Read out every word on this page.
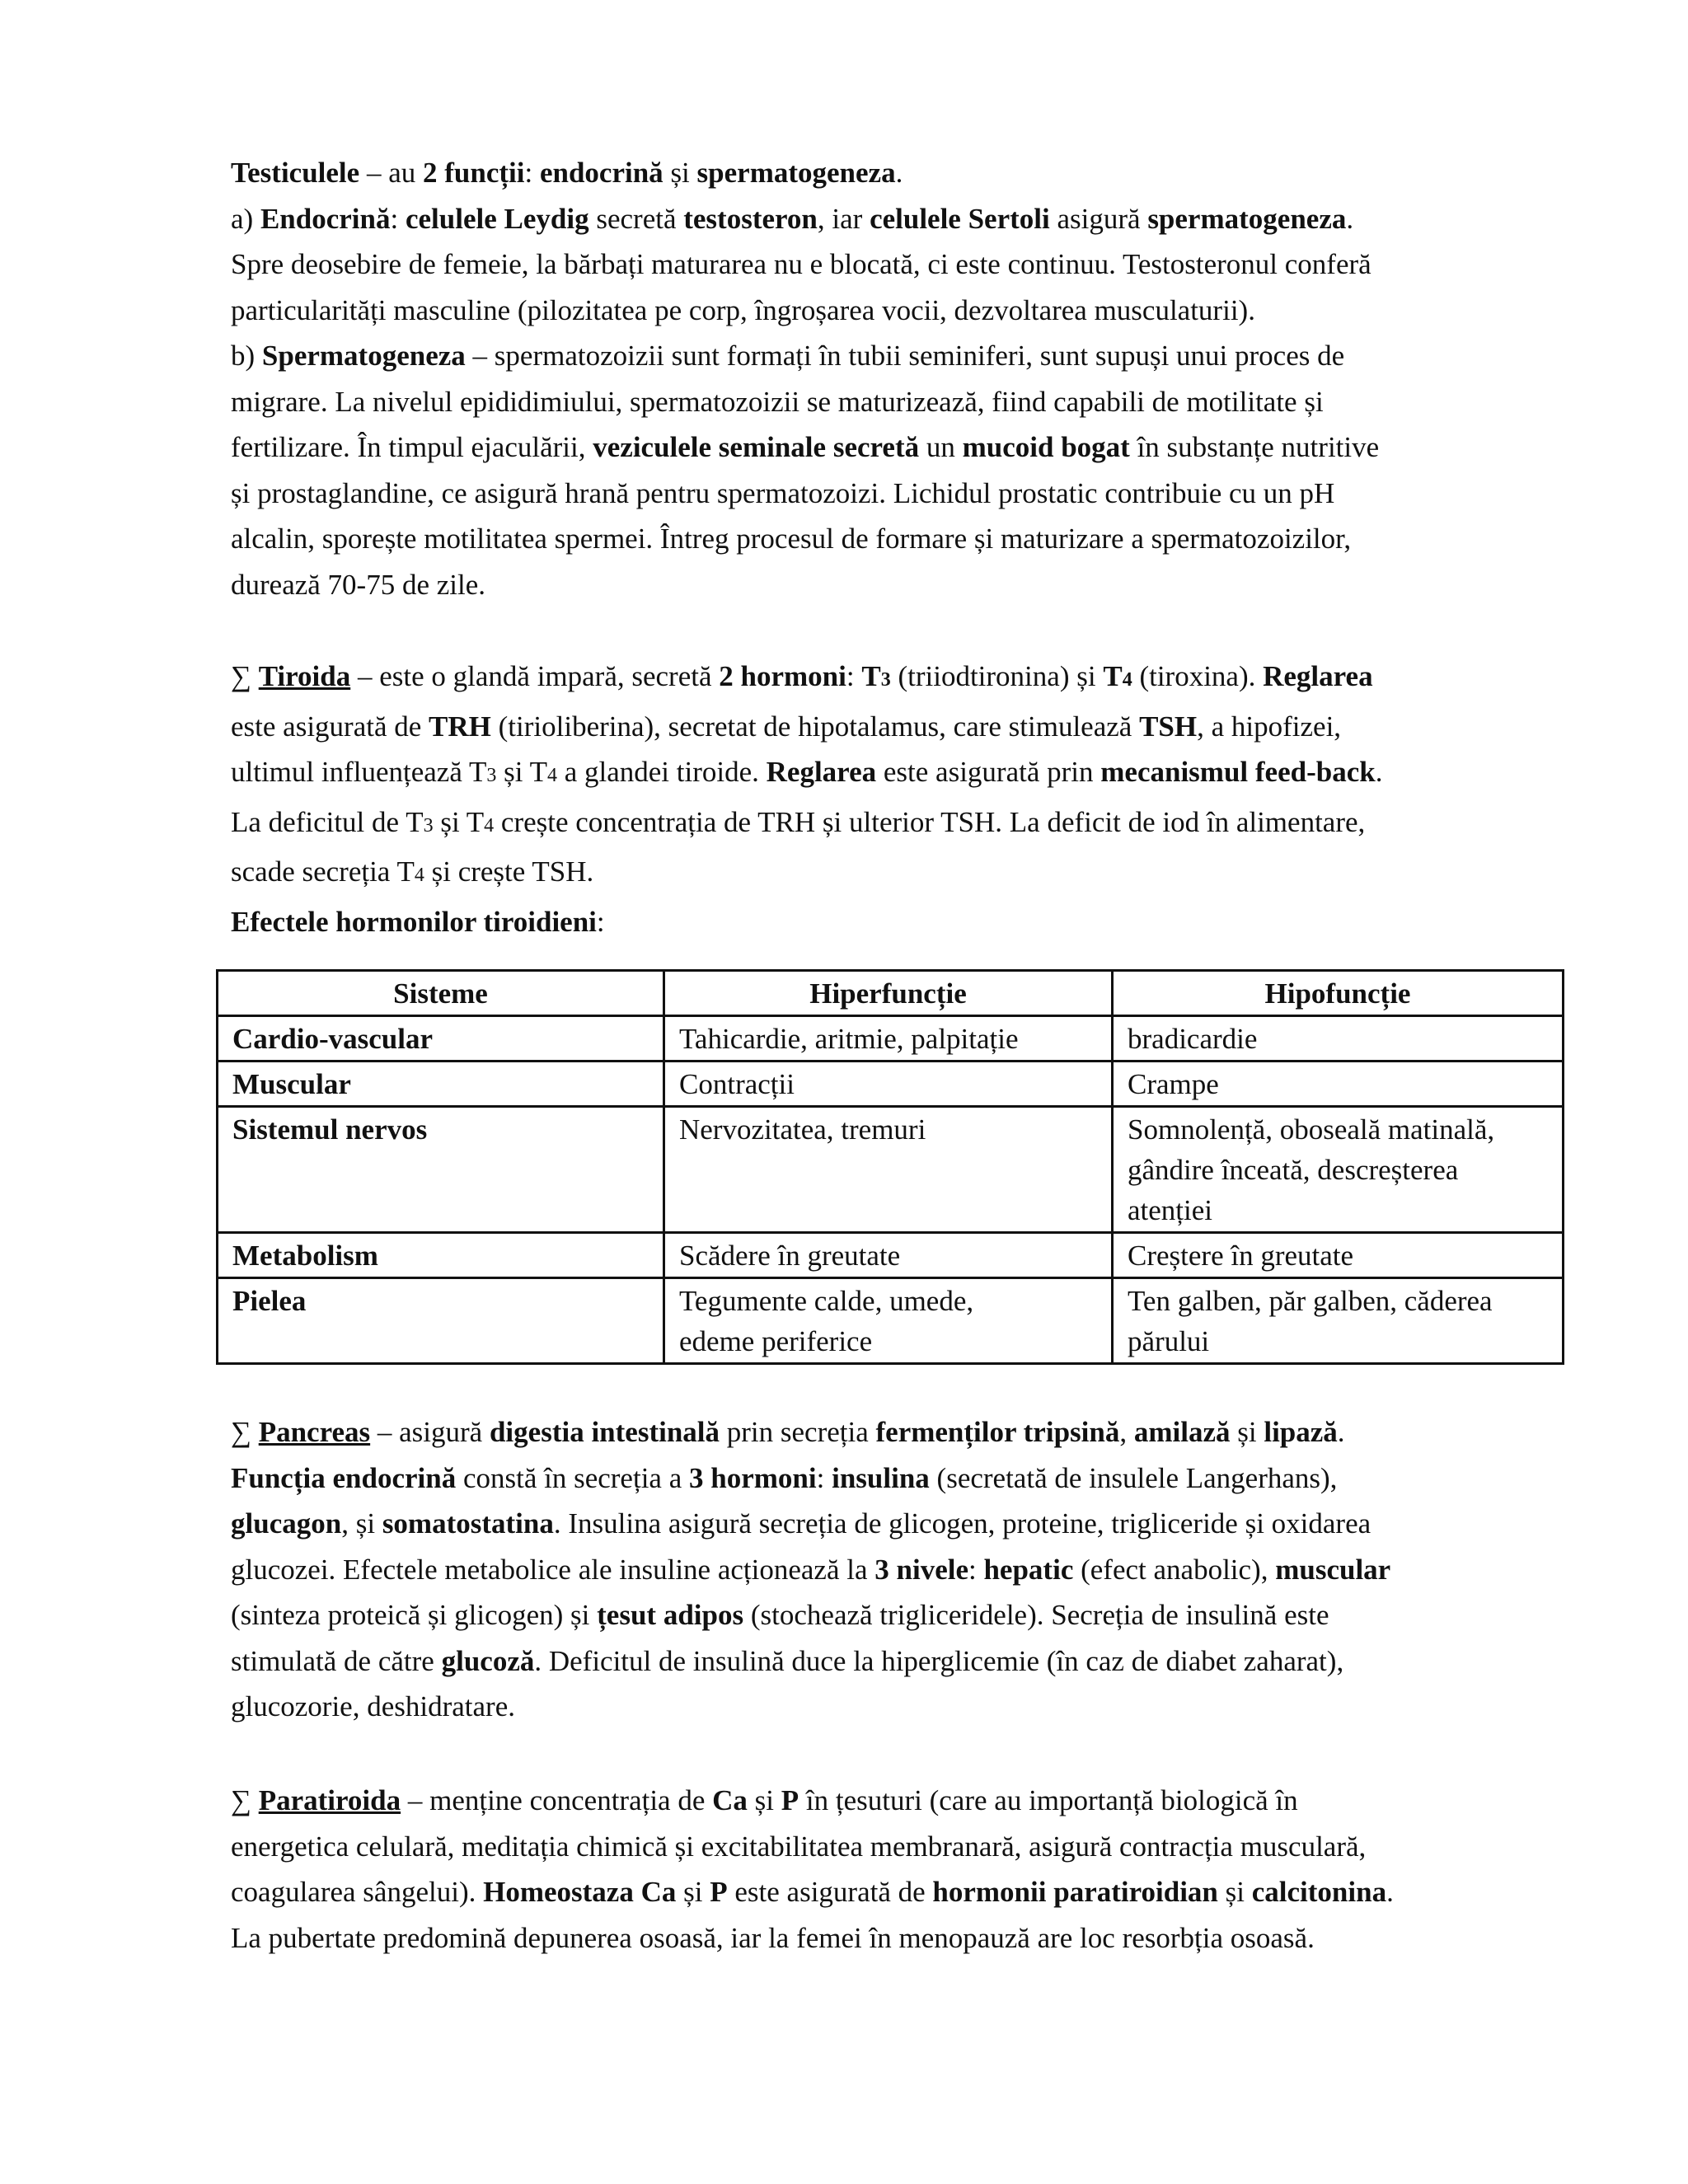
Testiculele – au 2 funcții: endocrină și spermatogeneza.
a) Endocrină: celulele Leydig secretă testosteron, iar celulele Sertoli asigură spermatogeneza.
Spre deosebire de femeie, la bărbați maturarea nu e blocată, ci este continuu. Testosteronul conferă
particularități masculine (pilozitatea pe corp, îngroșarea vocii, dezvoltarea musculaturii).
b) Spermatogeneza – spermatozoizii sunt formați în tubii seminiferi, sunt supuși unui proces de
migrare. La nivelul epididimiului, spermatozoizii se maturizează, fiind capabili de motilitate și
fertilizare. În timpul ejaculării, veziculele seminale secretă un mucoid bogat în substanțe nutritive
și prostaglandine, ce asigură hrană pentru spermatozoizi. Lichidul prostatic contribuie cu un pH
alcalin, sporește motilitatea spermei. Întreg procesul de formare și maturizare a spermatozoizilor,
durează 70-75 de zile.
∑ Tiroida – este o glandă impară, secretă 2 hormoni: T3 (triiodtironina) și T4 (tiroxina). Reglarea
este asigurată de TRH (tirioliberina), secretat de hipotalamus, care stimulează TSH, a hipofizei,
ultimul influențează T3 și T4 a glandei tiroide. Reglarea este asigurată prin mecanismul feed-back.
La deficitul de T3 și T4 crește concentrația de TRH și ulterior TSH. La deficit de iod în alimentare,
scade secreția T4 și crește TSH.
Efectele hormonilor tiroidieni:
Sisteme	Hiperfuncție	Hipofuncție
Cardio-vascular	Tahicardie, aritmie, palpitație	bradicardie

Muscular	Contracții	Crampe

Sistemul nervos	Nervozitatea, tremuri	Somnolență, oboseală matinală,
gândire înceată, descreșterea
atenției

Metabolism	Scădere în greutate	Creștere în greutate

Pielea	Tegumente calde, umede,
edeme periferice	Ten galben, păr galben, căderea
părului
∑ Pancreas – asigură digestia intestinală prin secreția fermenților tripsină, amilază și lipază.
Funcția endocrină constă în secreția a 3 hormoni: insulina (secretată de insulele Langerhans),
glucagon, și somatostatina. Insulina asigură secreția de glicogen, proteine, trigliceride și oxidarea
glucozei. Efectele metabolice ale insuline acționează la 3 nivele: hepatic (efect anabolic), muscular
(sinteza proteică și glicogen) și țesut adipos (stochează trigliceridele). Secreția de insulină este
stimulată de către glucoză. Deficitul de insulină duce la hiperglicemie (în caz de diabet zaharat),
glucozorie, deshidratare.
∑ Paratiroida – menține concentrația de Ca și P în țesuturi (care au importanță biologică în
energetica celulară, meditația chimică și excitabilitatea membranară, asigură contracția musculară,
coagularea sângelui). Homeostaza Ca și P este asigurată de hormonii paratiroidian și calcitonina.
La pubertate predomină depunerea osoasă, iar la femei în menopauză are loc resorbția osoasă.
